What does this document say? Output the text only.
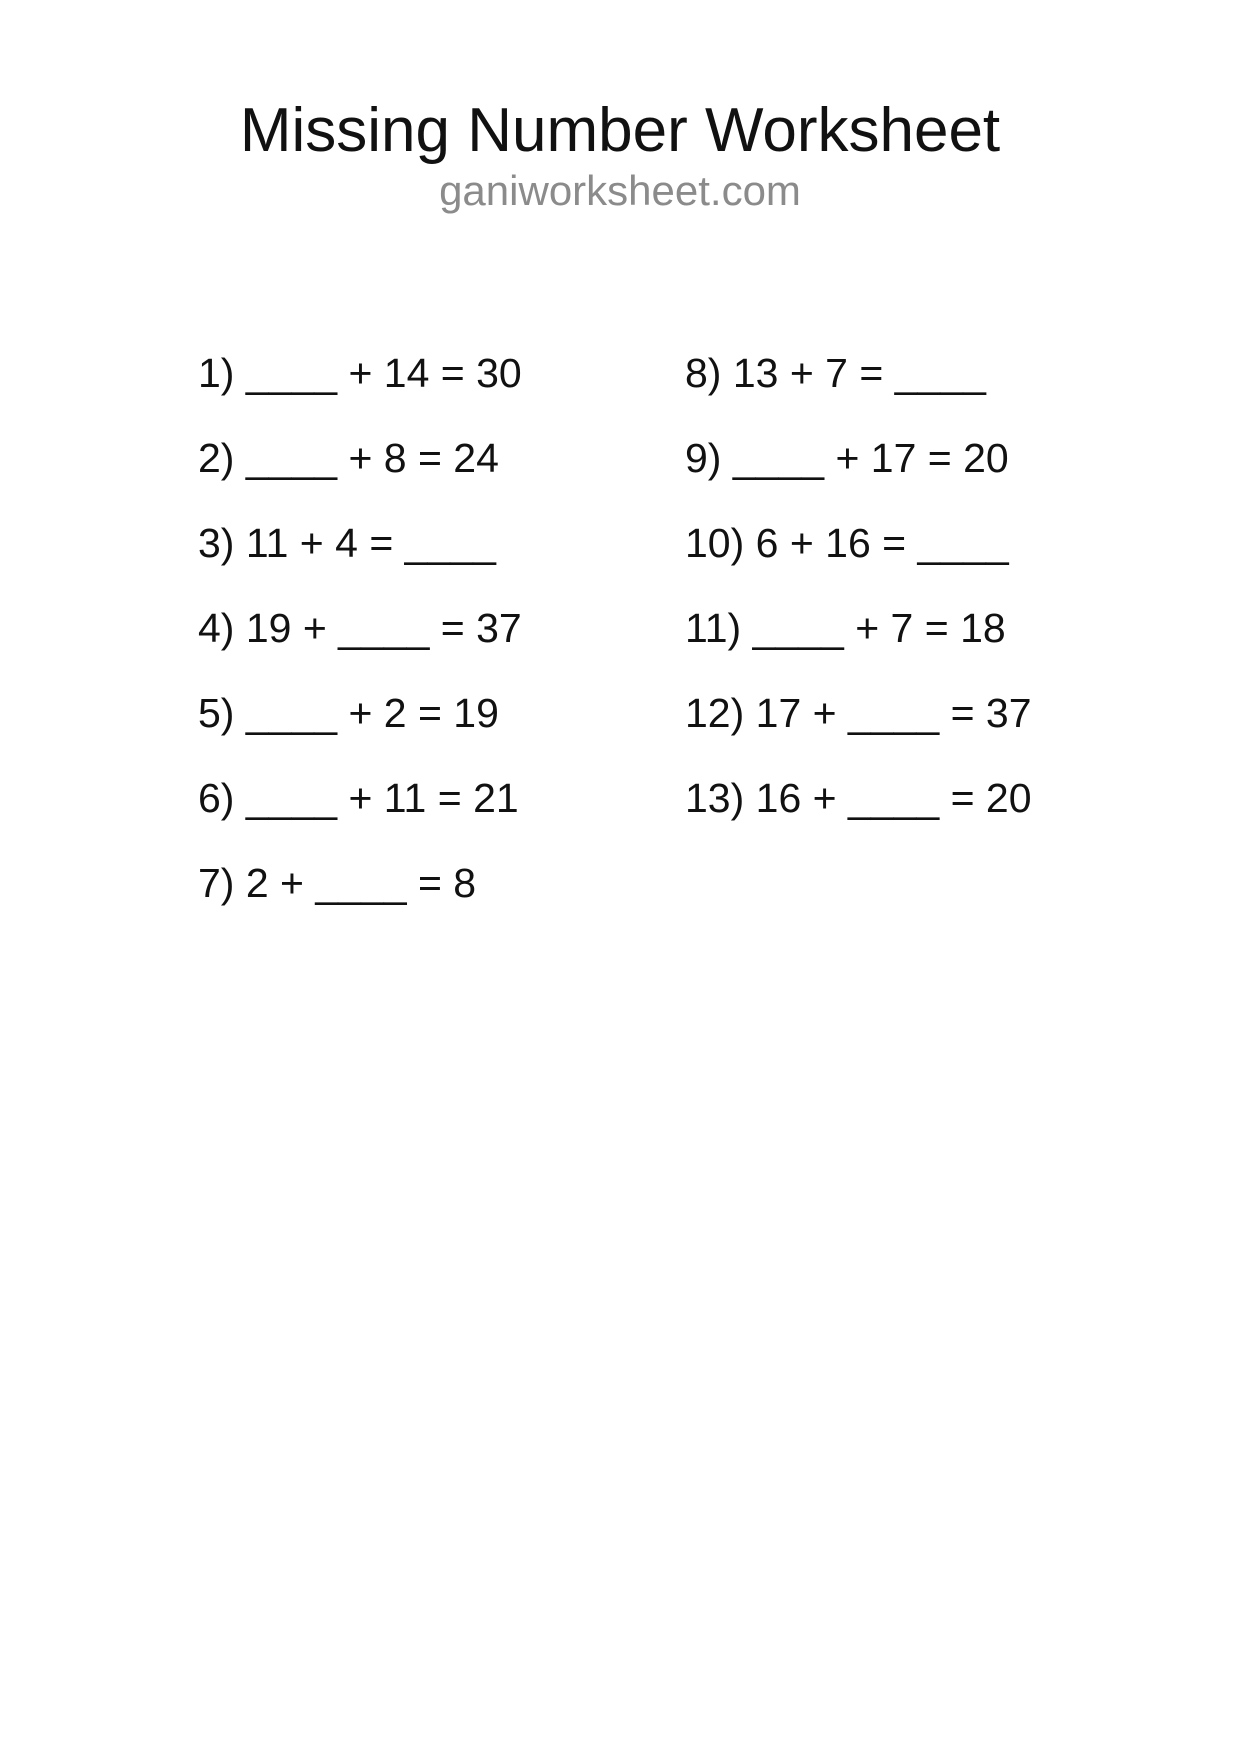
Missing Number Worksheet
ganiworksheet.com
1) ____ + 14 = 30
2) ____ + 8 = 24
3) 11 + 4 = ____
4) 19 + ____ = 37
5) ____ + 2 = 19
6) ____ + 11 = 21
7) 2 + ____ = 8
8) 13 + 7 = ____
9) ____ + 17 = 20
10) 6 + 16 = ____
11) ____ + 7 = 18
12) 17 + ____ = 37
13) 16 + ____ = 20
